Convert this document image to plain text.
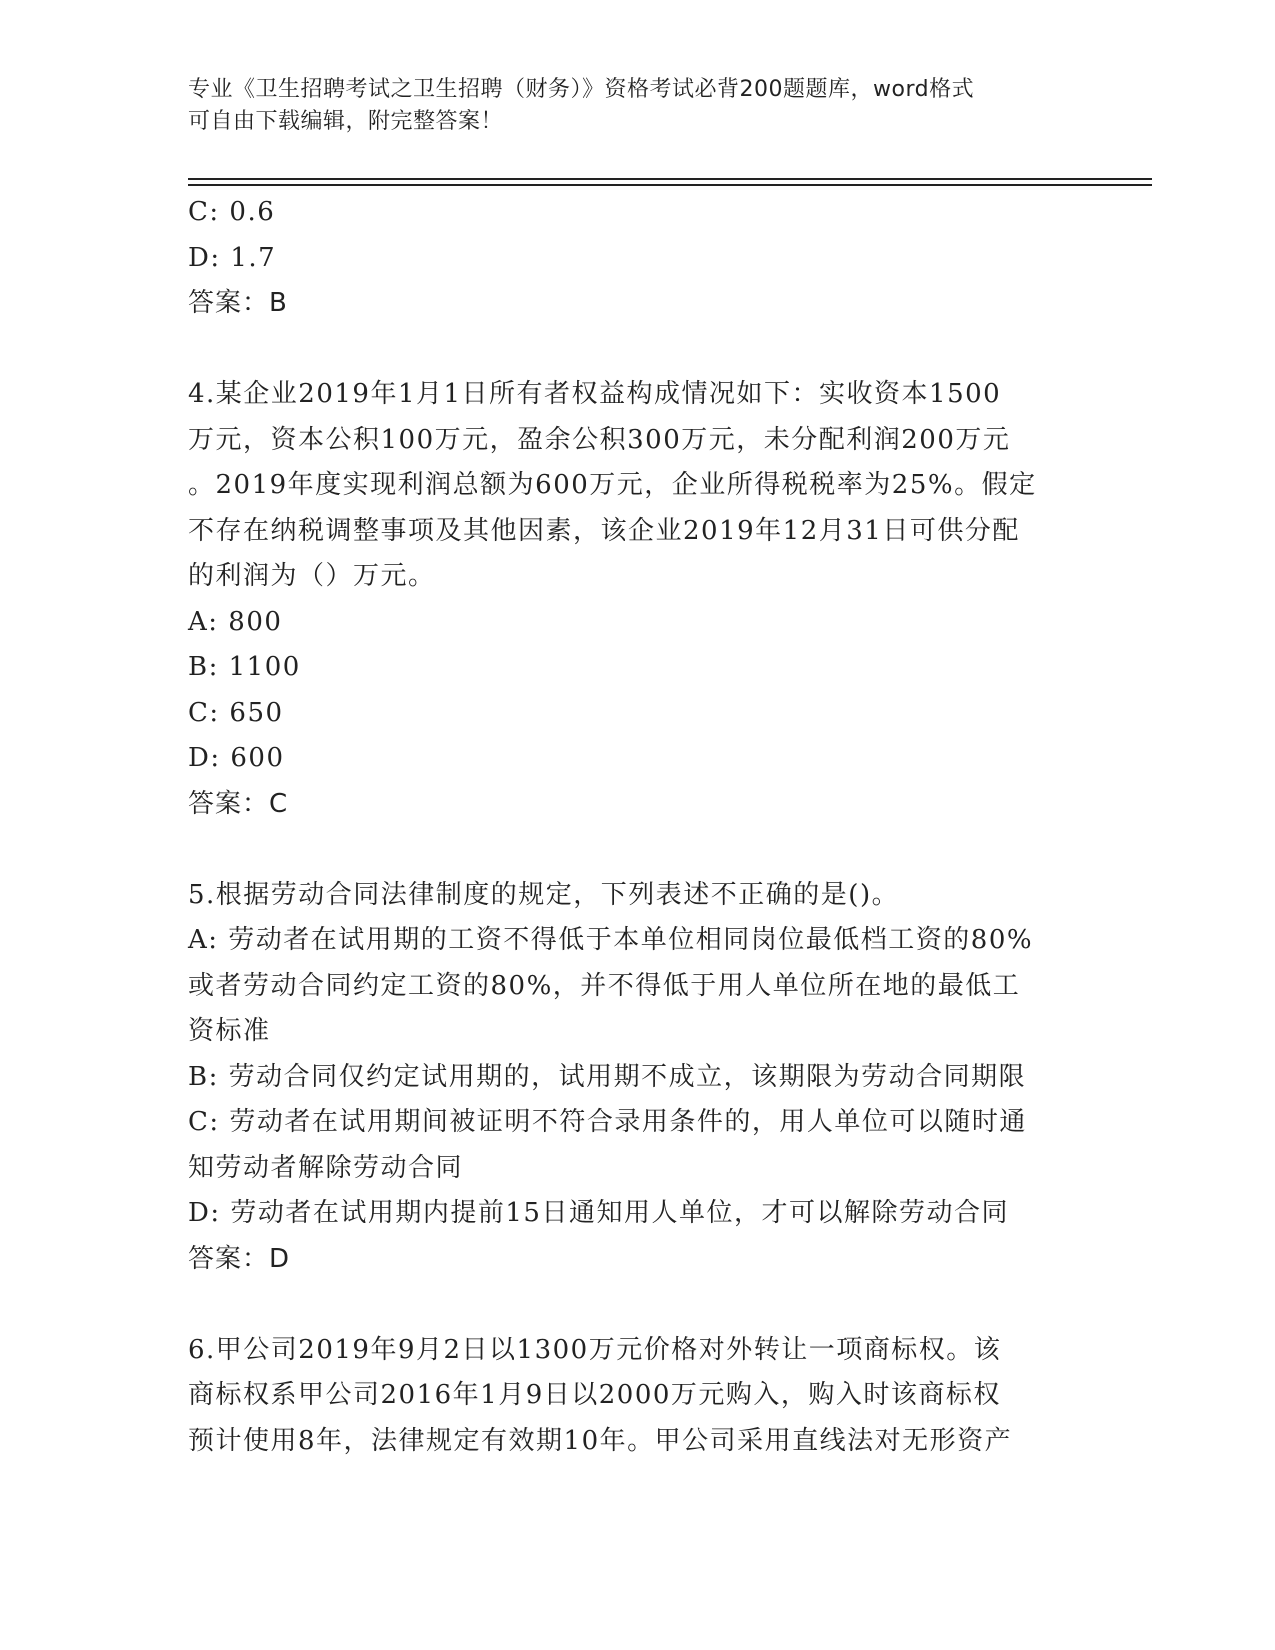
专业《卫生招聘考试之卫生招聘（财务）》资格考试必背200题题库，word格式
可自由下载编辑，附完整答案！
C: 0.6
D: 1.7
答案：B
4.某企业2019年1月1日所有者权益构成情况如下：实收资本1500
万元，资本公积100万元，盈余公积300万元，未分配利润200万元
。2019年度实现利润总额为600万元，企业所得税税率为25%。假定
不存在纳税调整事项及其他因素，该企业2019年12月31日可供分配
的利润为（）万元。
A: 800
B: 1100
C: 650
D: 600
答案：C
5.根据劳动合同法律制度的规定，下列表述不正确的是()。
A: 劳动者在试用期的工资不得低于本单位相同岗位最低档工资的80%
或者劳动合同约定工资的80%，并不得低于用人单位所在地的最低工
资标准
B: 劳动合同仅约定试用期的，试用期不成立，该期限为劳动合同期限
C: 劳动者在试用期间被证明不符合录用条件的，用人单位可以随时通
知劳动者解除劳动合同
D: 劳动者在试用期内提前15日通知用人单位，才可以解除劳动合同
答案：D
6.甲公司2019年9月2日以1300万元价格对外转让一项商标权。该
商标权系甲公司2016年1月9日以2000万元购入，购入时该商标权
预计使用8年，法律规定有效期10年。甲公司采用直线法对无形资产
